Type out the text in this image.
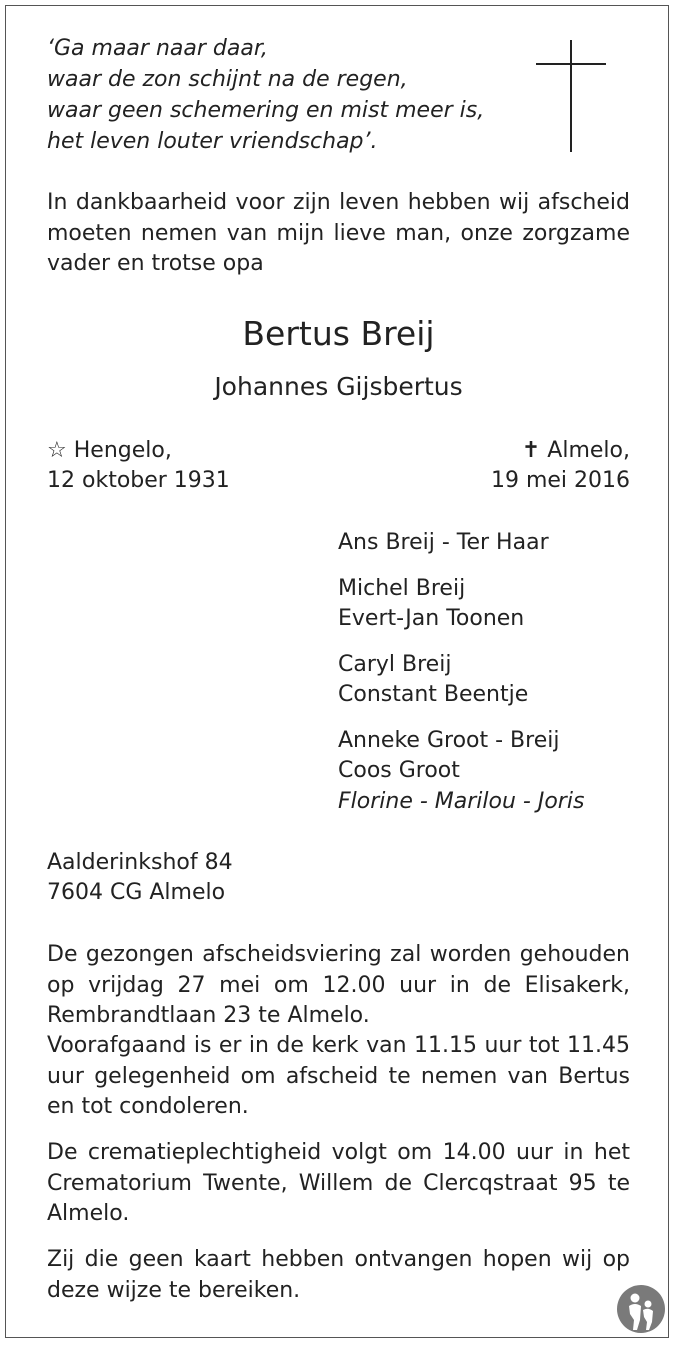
‘Ga maar naar daar,

waar de zon schijnt na de regen,

waar geen schemering en mist meer is,

het leven louter vriendschap’.

In dankbaarheid voor zijn leven hebben wij afscheid moeten nemen van mijn lieve man, onze zorgzame vader en trotse opa

Bertus Breij

Johannes Gijsbertus

☆ Hengelo,

12 oktober 1931

✝ Almelo,

19 mei 2016

Ans Breij - Ter Haar

Michel Breij

Evert-Jan Toonen

Caryl Breij

Constant Beentje

Anneke Groot - Breij

Coos Groot

Florine - Marilou - Joris

Aalderinkshof 84

7604 CG Almelo

De gezongen afscheidsviering zal worden gehouden op vrijdag 27 mei om 12.00 uur in de Elisakerk, Rembrandtlaan 23 te Almelo.

Voorafgaand is er in de kerk van 11.15 uur tot 11.45 uur gelegenheid om afscheid te nemen van Bertus en tot condoleren.

De crematieplechtigheid volgt om 14.00 uur in het Crematorium Twente, Willem de Clercqstraat 95 te Almelo.

Zij die geen kaart hebben ontvangen hopen wij op deze wijze te bereiken.
